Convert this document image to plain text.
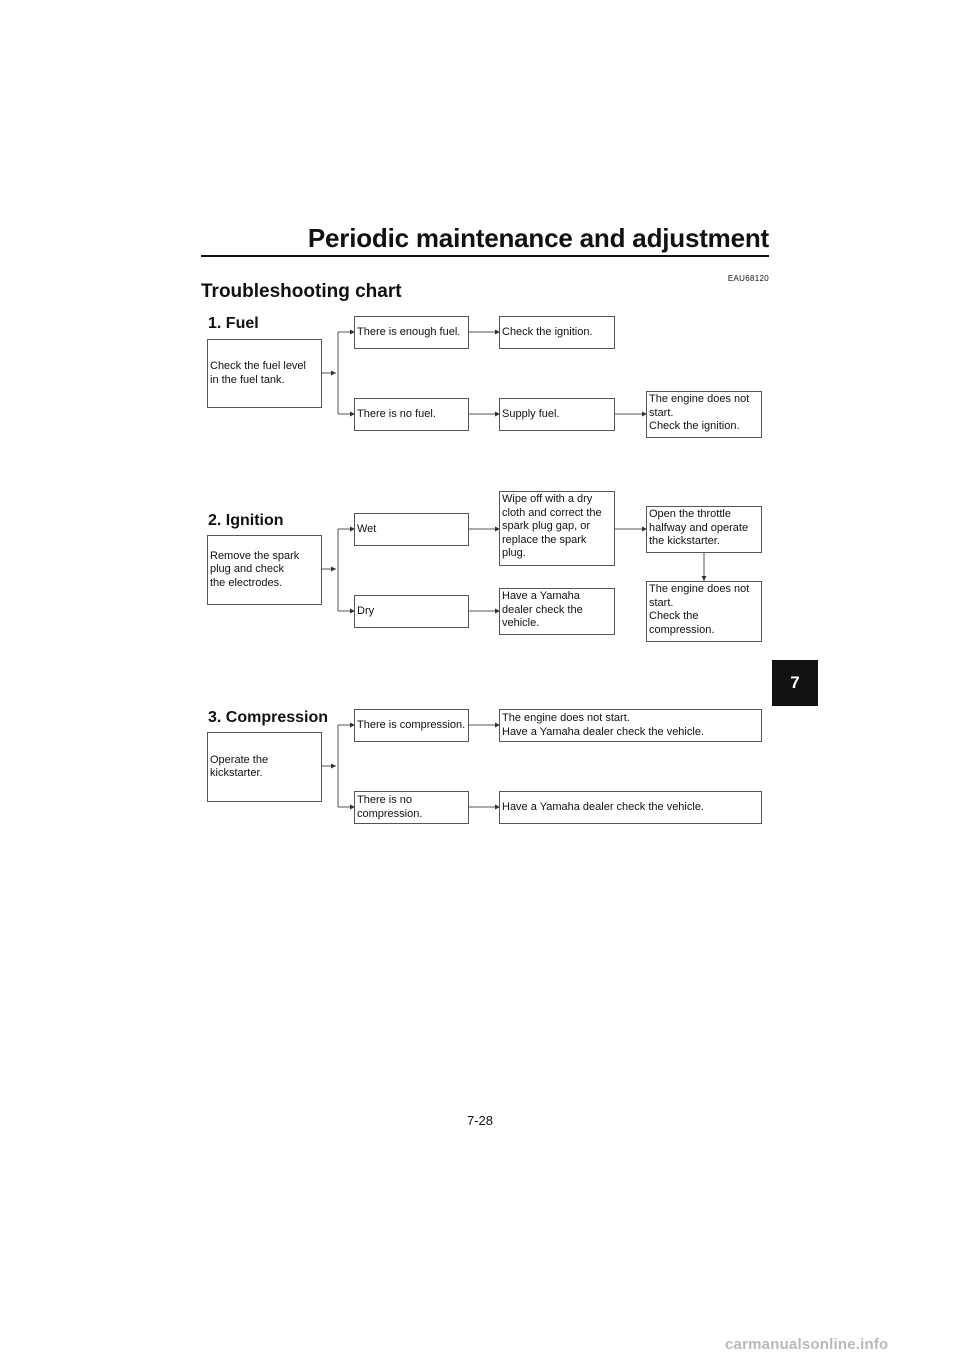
Periodic maintenance and adjustment
EAU68120
Troubleshooting chart
1. Fuel
Check the fuel level
in the fuel tank.
There is enough fuel.	Check the ignition.
There is no fuel.	Supply fuel.
The engine does not
start.
Check the ignition.
2. Ignition
Remove the spark
plug and check
the electrodes.
Wet
Wipe off with a dry
cloth and correct the
spark plug gap, or
replace the spark
plug.
Open the throttle
halfway and operate
the kickstarter.
Dry
Have a Yamaha
dealer check the
vehicle.
The engine does not
start.
Check the
compression.
3. Compression
Operate the
kickstarter.
There is compression.
The engine does not start.
Have a Yamaha dealer check the vehicle.
There is no
compression.
Have a Yamaha dealer check the vehicle.
7
7-28
carmanualsonline.info
